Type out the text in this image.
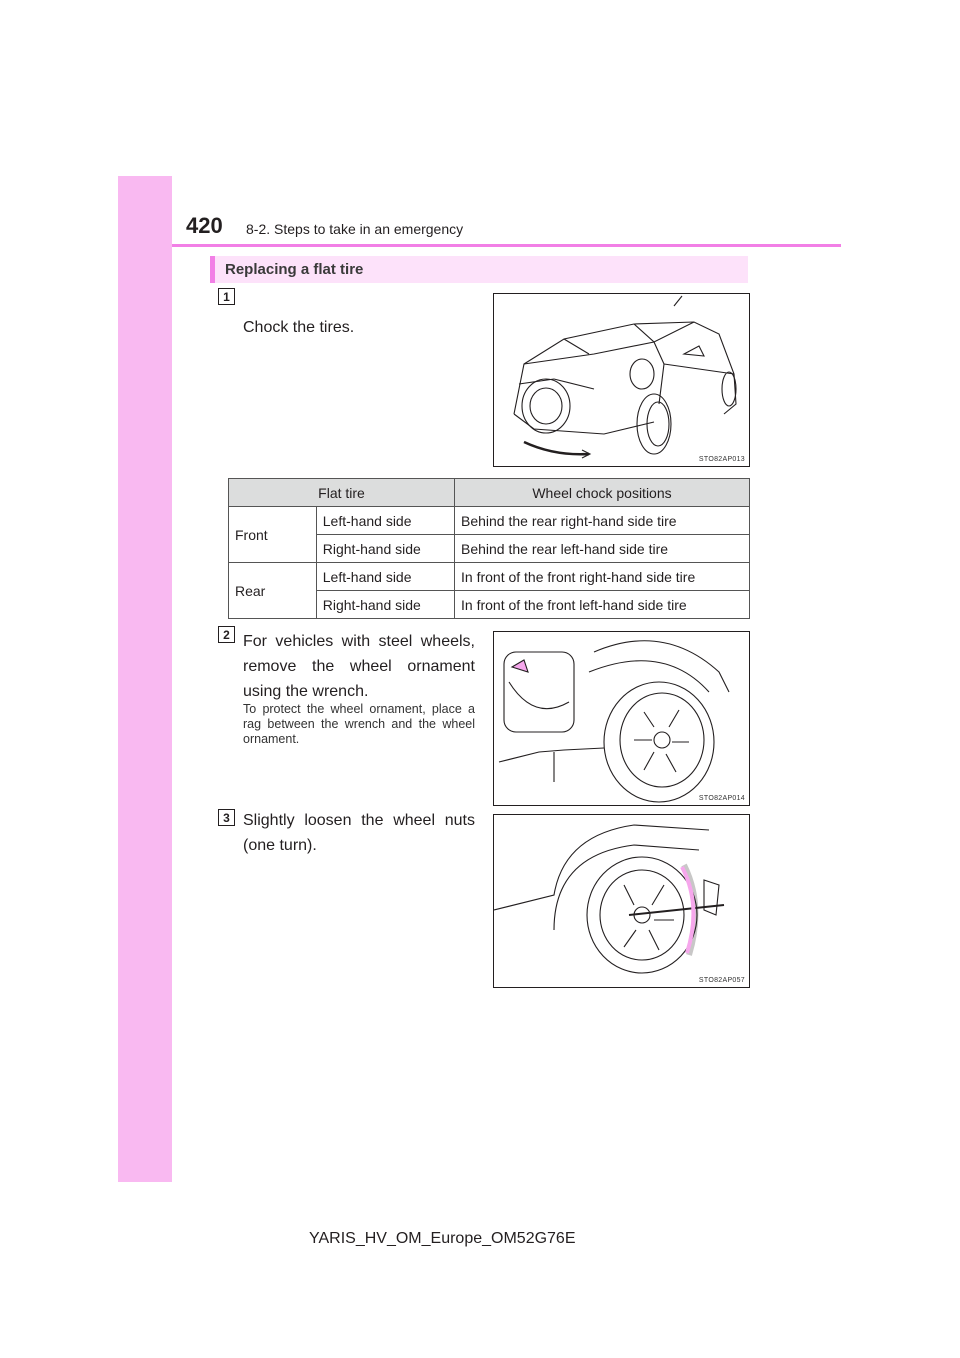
420 8-2. Steps to take in an emergency
Replacing a flat tire
1
Chock the tires.
STO82AP013
Flat tire		Wheel chock positions
Front	Left-hand side	Behind the rear right-hand side tire
	Right-hand side	Behind the rear left-hand side tire
Rear	Left-hand side	In front of the front right-hand side tire
	Right-hand side	In front of the front left-hand side tire
2 For vehicles with steel wheels, remove the wheel ornament using the wrench.
To protect the wheel ornament, place a rag between the wrench and the wheel ornament.
STO82AP014
3 Slightly loosen the wheel nuts (one turn).
STO82AP057
YARIS_HV_OM_Europe_OM52G76E
